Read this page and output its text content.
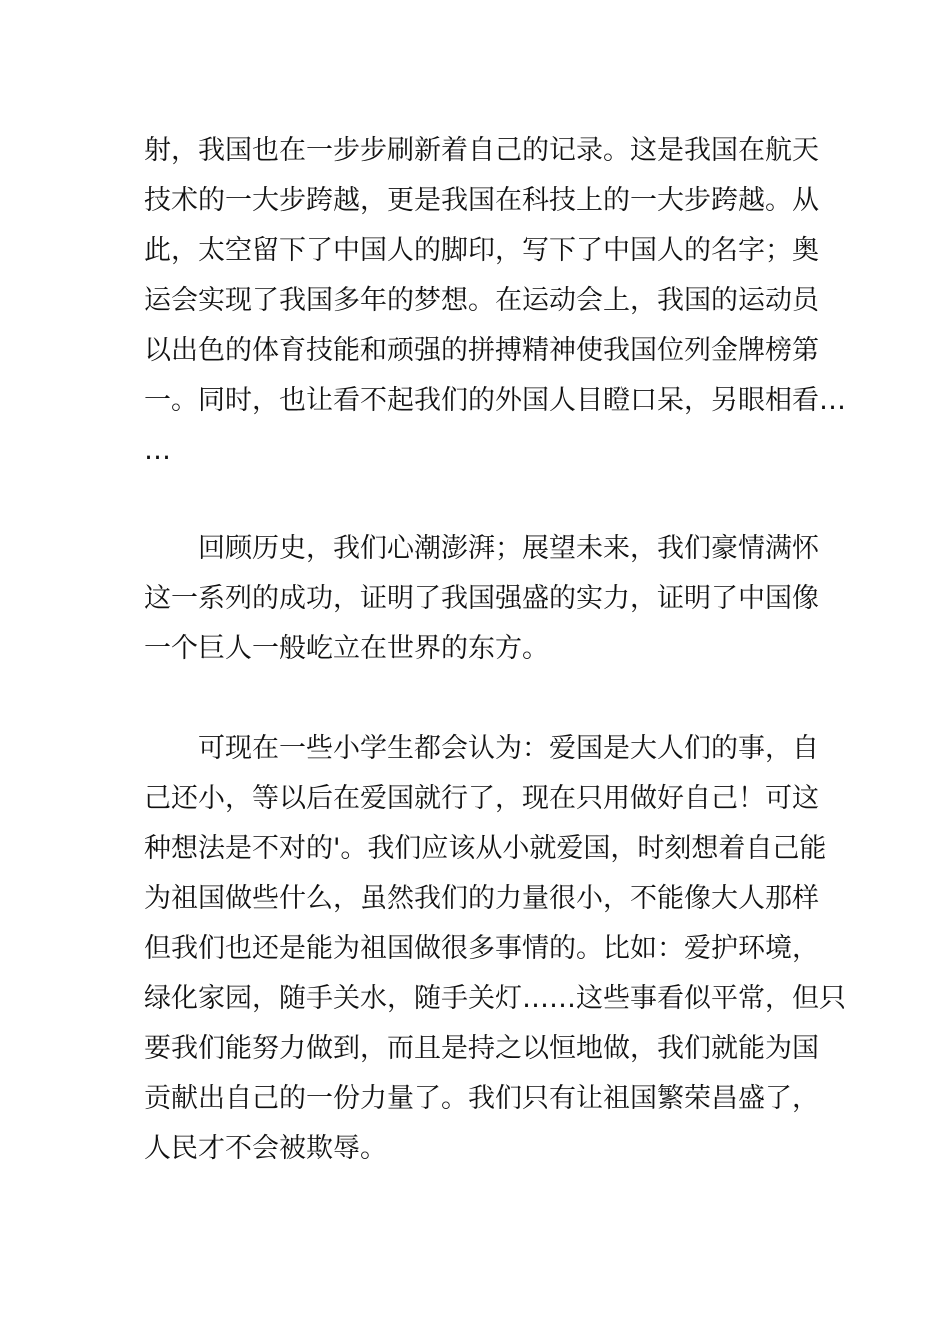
射，我国也在一步步刷新着自己的记录。这是我国在航天
技术的一大步跨越，更是我国在科技上的一大步跨越。从
此，太空留下了中国人的脚印，写下了中国人的名字；奥
运会实现了我国多年的梦想。在运动会上，我国的运动员
以出色的体育技能和顽强的拼搏精神使我国位列金牌榜第
一。同时，也让看不起我们的外国人目瞪口呆，另眼相看…
…
回顾历史，我们心潮澎湃；展望未来，我们豪情满怀
这一系列的成功，证明了我国强盛的实力，证明了中国像
一个巨人一般屹立在世界的东方。
可现在一些小学生都会认为：爱国是大人们的事，自
己还小，等以后在爱国就行了，现在只用做好自己！可这
种想法是不对的'。我们应该从小就爱国，时刻想着自己能
为祖国做些什么，虽然我们的力量很小，不能像大人那样
但我们也还是能为祖国做很多事情的。比如：爱护环境，
绿化家园，随手关水，随手关灯……这些事看似平常，但只
要我们能努力做到，而且是持之以恒地做，我们就能为国
贡献出自己的一份力量了。我们只有让祖国繁荣昌盛了，
人民才不会被欺辱。
